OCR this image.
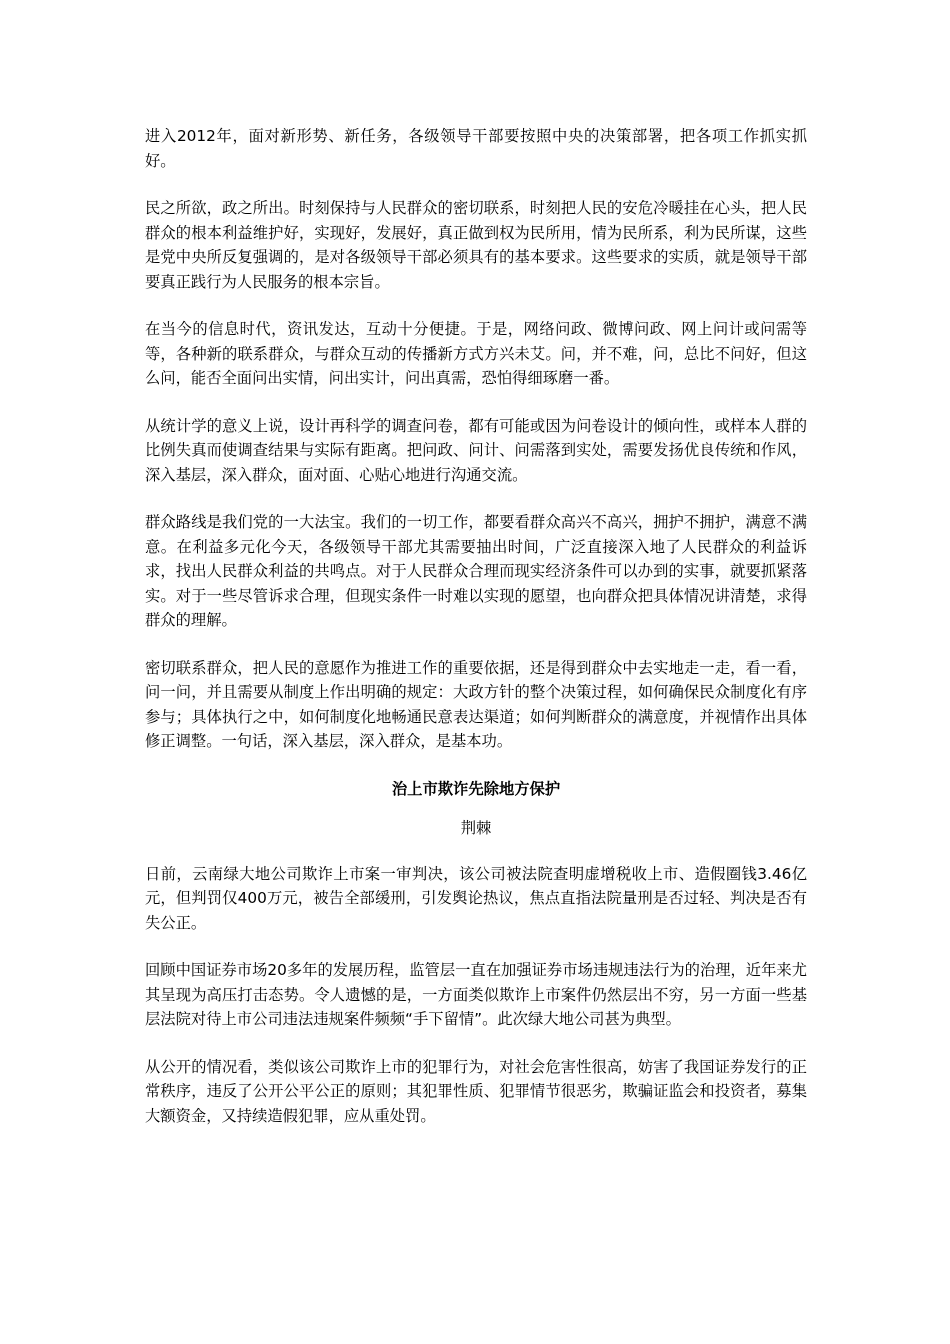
进入2012年，面对新形势、新任务，各级领导干部要按照中央的决策部署，把各项工作抓实抓好。

民之所欲，政之所出。时刻保持与人民群众的密切联系，时刻把人民的安危冷暖挂在心头，把人民群众的根本利益维护好，实现好，发展好，真正做到权为民所用，情为民所系，利为民所谋，这些是党中央所反复强调的，是对各级领导干部必须具有的基本要求。这些要求的实质，就是领导干部要真正践行为人民服务的根本宗旨。

在当今的信息时代，资讯发达，互动十分便捷。于是，网络问政、微博问政、网上问计或问需等等，各种新的联系群众，与群众互动的传播新方式方兴未艾。问，并不难，问，总比不问好，但这么问，能否全面问出实情，问出实计，问出真需，恐怕得细琢磨一番。

从统计学的意义上说，设计再科学的调查问卷，都有可能或因为问卷设计的倾向性，或样本人群的比例失真而使调查结果与实际有距离。把问政、问计、问需落到实处，需要发扬优良传统和作风，深入基层，深入群众，面对面、心贴心地进行沟通交流。

群众路线是我们党的一大法宝。我们的一切工作，都要看群众高兴不高兴，拥护不拥护，满意不满意。在利益多元化今天，各级领导干部尤其需要抽出时间，广泛直接深入地了人民群众的利益诉求，找出人民群众利益的共鸣点。对于人民群众合理而现实经济条件可以办到的实事，就要抓紧落实。对于一些尽管诉求合理，但现实条件一时难以实现的愿望，也向群众把具体情况讲清楚，求得群众的理解。

密切联系群众，把人民的意愿作为推进工作的重要依据，还是得到群众中去实地走一走，看一看，问一问，并且需要从制度上作出明确的规定：大政方针的整个决策过程，如何确保民众制度化有序参与；具体执行之中，如何制度化地畅通民意表达渠道；如何判断群众的满意度，并视情作出具体修正调整。一句话，深入基层，深入群众，是基本功。

治上市欺诈先除地方保护
荆棘

日前，云南绿大地公司欺诈上市案一审判决，该公司被法院查明虚增税收上市、造假圈钱3.46亿元，但判罚仅400万元，被告全部缓刑，引发舆论热议，焦点直指法院量刑是否过轻、判决是否有失公正。

回顾中国证券市场20多年的发展历程，监管层一直在加强证券市场违规违法行为的治理，近年来尤其呈现为高压打击态势。令人遗憾的是，一方面类似欺诈上市案件仍然层出不穷，另一方面一些基层法院对待上市公司违法违规案件频频“手下留情”。此次绿大地公司甚为典型。

从公开的情况看，类似该公司欺诈上市的犯罪行为，对社会危害性很高，妨害了我国证券发行的正常秩序，违反了公开公平公正的原则；其犯罪性质、犯罪情节很恶劣，欺骗证监会和投资者，募集大额资金，又持续造假犯罪，应从重处罚。
